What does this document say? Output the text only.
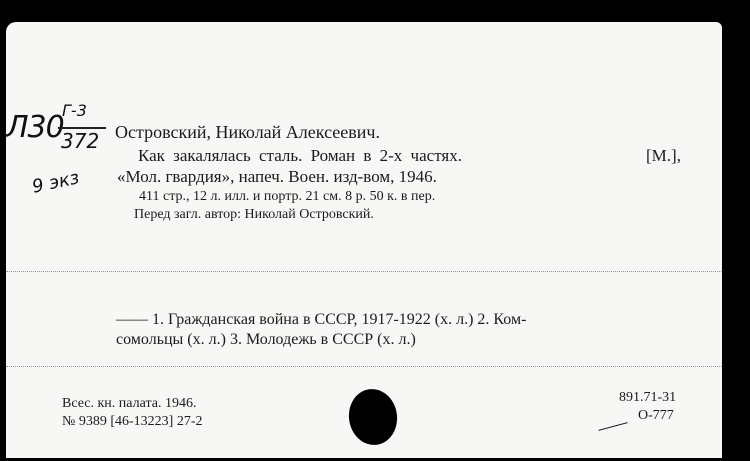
Л30
Г-3
372
9 экз
Островский, Николай Алексеевич.
Как закалялась сталь. Роман в 2-х частях.	[М.],
«Мол. гвардия», напеч. Воен. изд-вом, 1946.
411 стр., 12 л. илл. и портр. 21 см. 8 р. 50 к. в пер.
Перед загл. автор: Николай Островский.
—— 1. Гражданская война в СССР, 1917-1922 (х. л.) 2. Ком-
сомольцы (х. л.) 3. Молодежь в СССР (х. л.)
Всес. кн. палата. 1946.
№ 9389 [46-13223] 27-2
891.71-31
О-777
